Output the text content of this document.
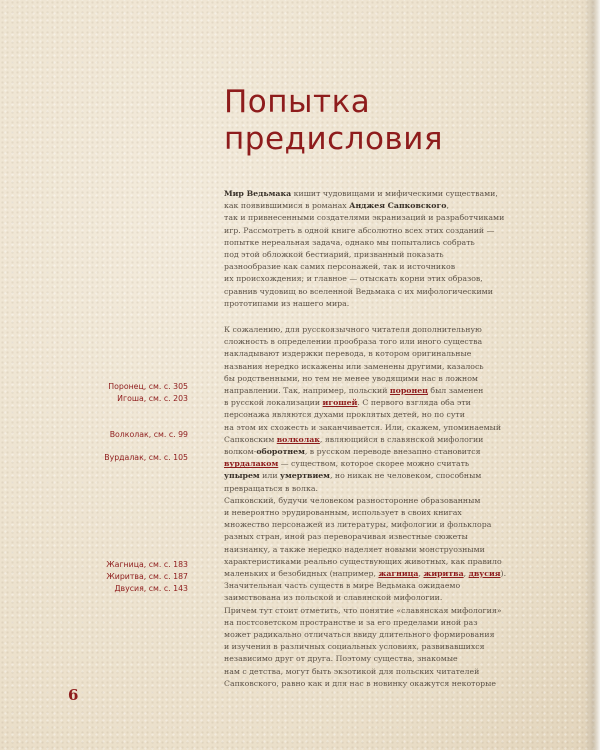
Попытка
предисловия
Мир Ведьмака кишит чудовищами и мифическими существами,
как появившимися в романах Анджея Сапковского,
так и привнесенными создателями экранизаций и разработчиками
игр. Рассмотреть в одной книге абсолютно всех этих созданий —
попытке нереальная задача, однако мы попытались собрать
под этой обложкой бестиарий, призванный показать
разнообразие как самих персонажей, так и источников
их происхождения; и главное — отыскать корни этих образов,
сравнив чудовищ во вселенной Ведьмака с их мифологическими
прототипами из нашего мира.
К сожалению, для русскоязычного читателя дополнительную
сложность в определении прообраза того или иного существа
накладывают издержки перевода, в котором оригинальные
названия нередко искажены или заменены другими, казалось
бы родственными, но тем не менее уводящими нас в ложном
направлении. Так, например, польский поронец был заменен
в русской локализации игошей. С первого взгляда оба эти
персонажа являются духами проклятых детей, но по сути
на этом их схожесть и заканчивается. Или, скажем, упоминаемый
Сапковским волколак, являющийся в славянской мифологии
волком-оборотнем, в русском переводе внезапно становится
вурдалаком — существом, которое скорее можно считать
упырем или умертвием, но никак не человеком, способным
превращаться в волка.
Сапковский, будучи человеком разносторонне образованным
и невероятно эрудированным, использует в своих книгах
множество персонажей из литературы, мифологии и фольклора
разных стран, иной раз переворачивая известные сюжеты
наизнанку, а также нередко наделяет новыми монструозными
характеристиками реально существующих животных, как правило
маленьких и безобидных (например, жагница, жиритва, двусия).
Значительная часть существ в мире Ведьмака ожидаемо
заимствована из польской и славянской мифологии.
Причем тут стоит отметить, что понятие «славянская мифология»
на постсоветском пространстве и за его пределами иной раз
может радикально отличаться ввиду длительного формирования
и изучения в различных социальных условиях, развивавшихся
независимо друг от друга. Поэтому существа, знакомые
нам с детства, могут быть экзотикой для польских читателей
Сапковского, равно как и для нас в новинку окажутся некоторые
Поронец, см. с. 305
Игоша, см. с. 203
Волколак, см. с. 99
Вурдалак, см. с. 105
Жагница, см. с. 183
Жиритва, см. с. 187
Двусия, см. с. 143
6
